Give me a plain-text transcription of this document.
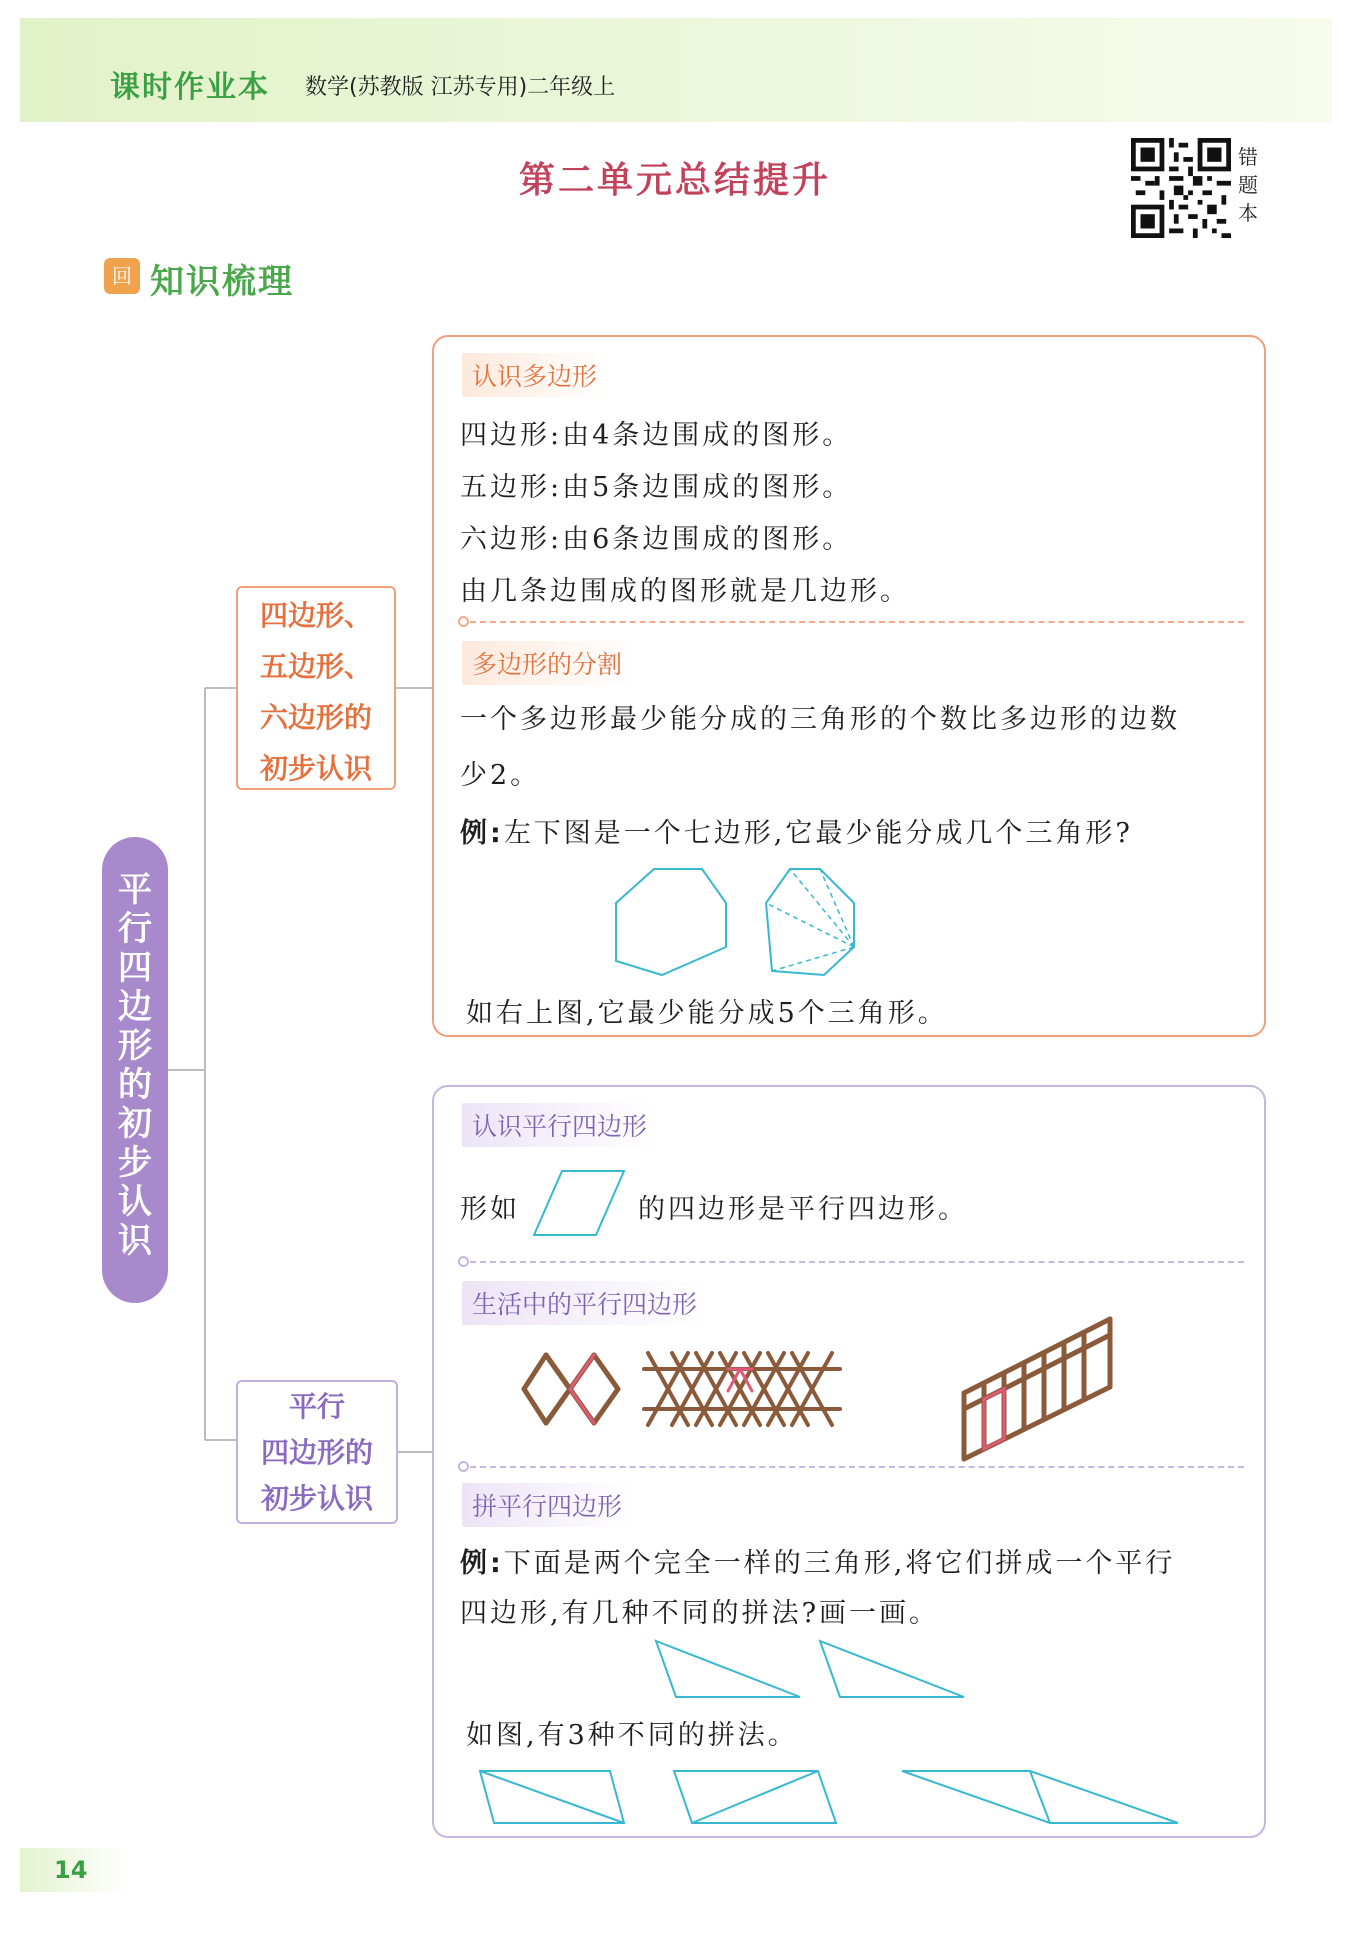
课时作业本 数学(苏教版 江苏专用)二年级上
第二单元总结提升
错题本
回 知识梳理
平行四边形的初步认识
四边形、
五边形、
六边形的
初步认识
平行
四边形的
初步认识
认识多边形
四边形:由4条边围成的图形。
五边形:由5条边围成的图形。
六边形:由6条边围成的图形。
由几条边围成的图形就是几边形。
多边形的分割
一个多边形最少能分成的三角形的个数比多边形的边数
少2。
例:左下图是一个七边形,它最少能分成几个三角形?
如右上图,它最少能分成5个三角形。
认识平行四边形
形如	的四边形是平行四边形。
生活中的平行四边形
拼平行四边形
例:下面是两个完全一样的三角形,将它们拼成一个平行
四边形,有几种不同的拼法?画一画。
如图,有3种不同的拼法。
14
